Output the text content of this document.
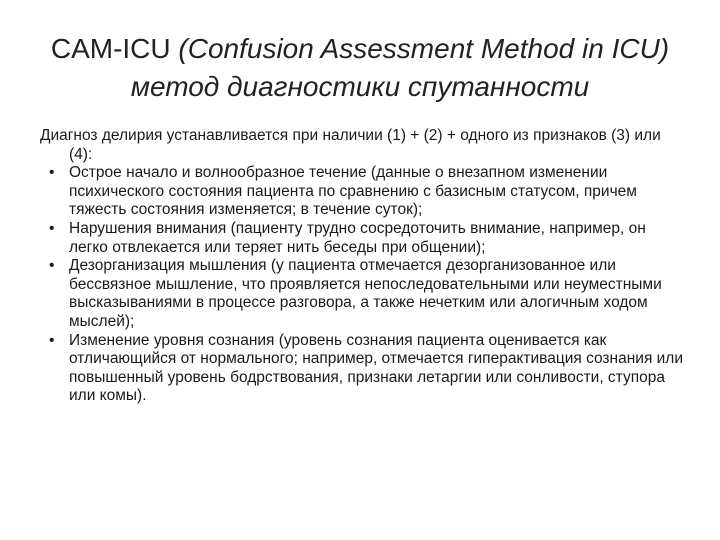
CAM-ICU (Confusion Assessment Method in ICU)
метод диагностики спутанности

Диагноз делирия устанавливается при наличии (1) + (2) + одного из признаков (3) или (4):

• Острое начало и волнообразное течение (данные о внезапном изменении психического состояния пациента по сравнению с базисным статусом, причем тяжесть состояния изменяется; в течение суток);
• Нарушения внимания (пациенту трудно сосредоточить внимание, например, он легко отвлекается или теряет нить беседы при общении);
• Дезорганизация мышления (у пациента отмечается дезорганизованное или бессвязное мышление, что проявляется непоследовательными или неуместными высказываниями в процессе разговора, а также нечетким или алогичным ходом мыслей);
• Изменение уровня сознания (уровень сознания пациента оценивается как отличающийся от нормального; например, отмечается гиперактивация сознания или повышенный уровень бодрствования, признаки летаргии или сонливости, ступора или комы).
